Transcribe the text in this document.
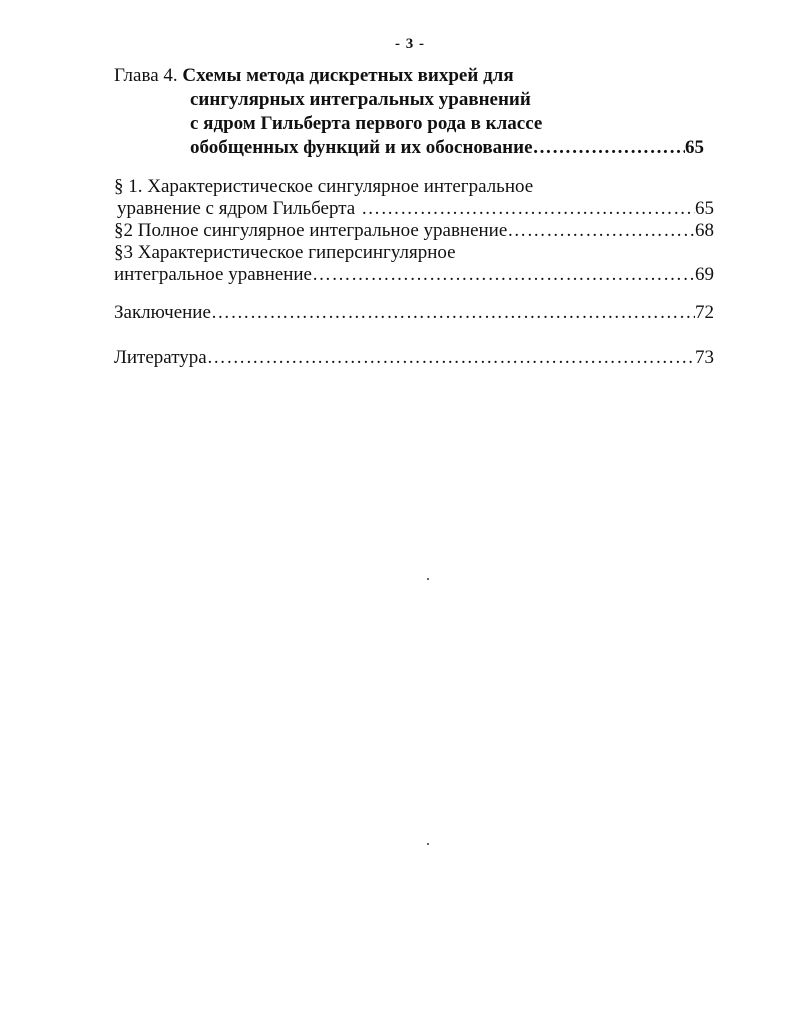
- 3 -
Глава 4. Схемы метода дискретных вихрей для
сингулярных интегральных уравнений
с ядром Гильберта первого рода в классе
обобщенных функций и их обоснование ……………………………………………………………………………………………………………………………	65
§ 1. Характеристическое сингулярное интегральное
уравнение с ядром Гильберта ……………………………………………………………………………………………………………………………	65
§2 Полное сингулярное интегральное уравнение ……………………………………………………………………………………………………………………………	68
§3 Характеристическое гиперсингулярное
интегральное уравнение ……………………………………………………………………………………………………………………………	69
Заключение ……………………………………………………………………………………………………………………………	72
Литература ……………………………………………………………………………………………………………………………	73
